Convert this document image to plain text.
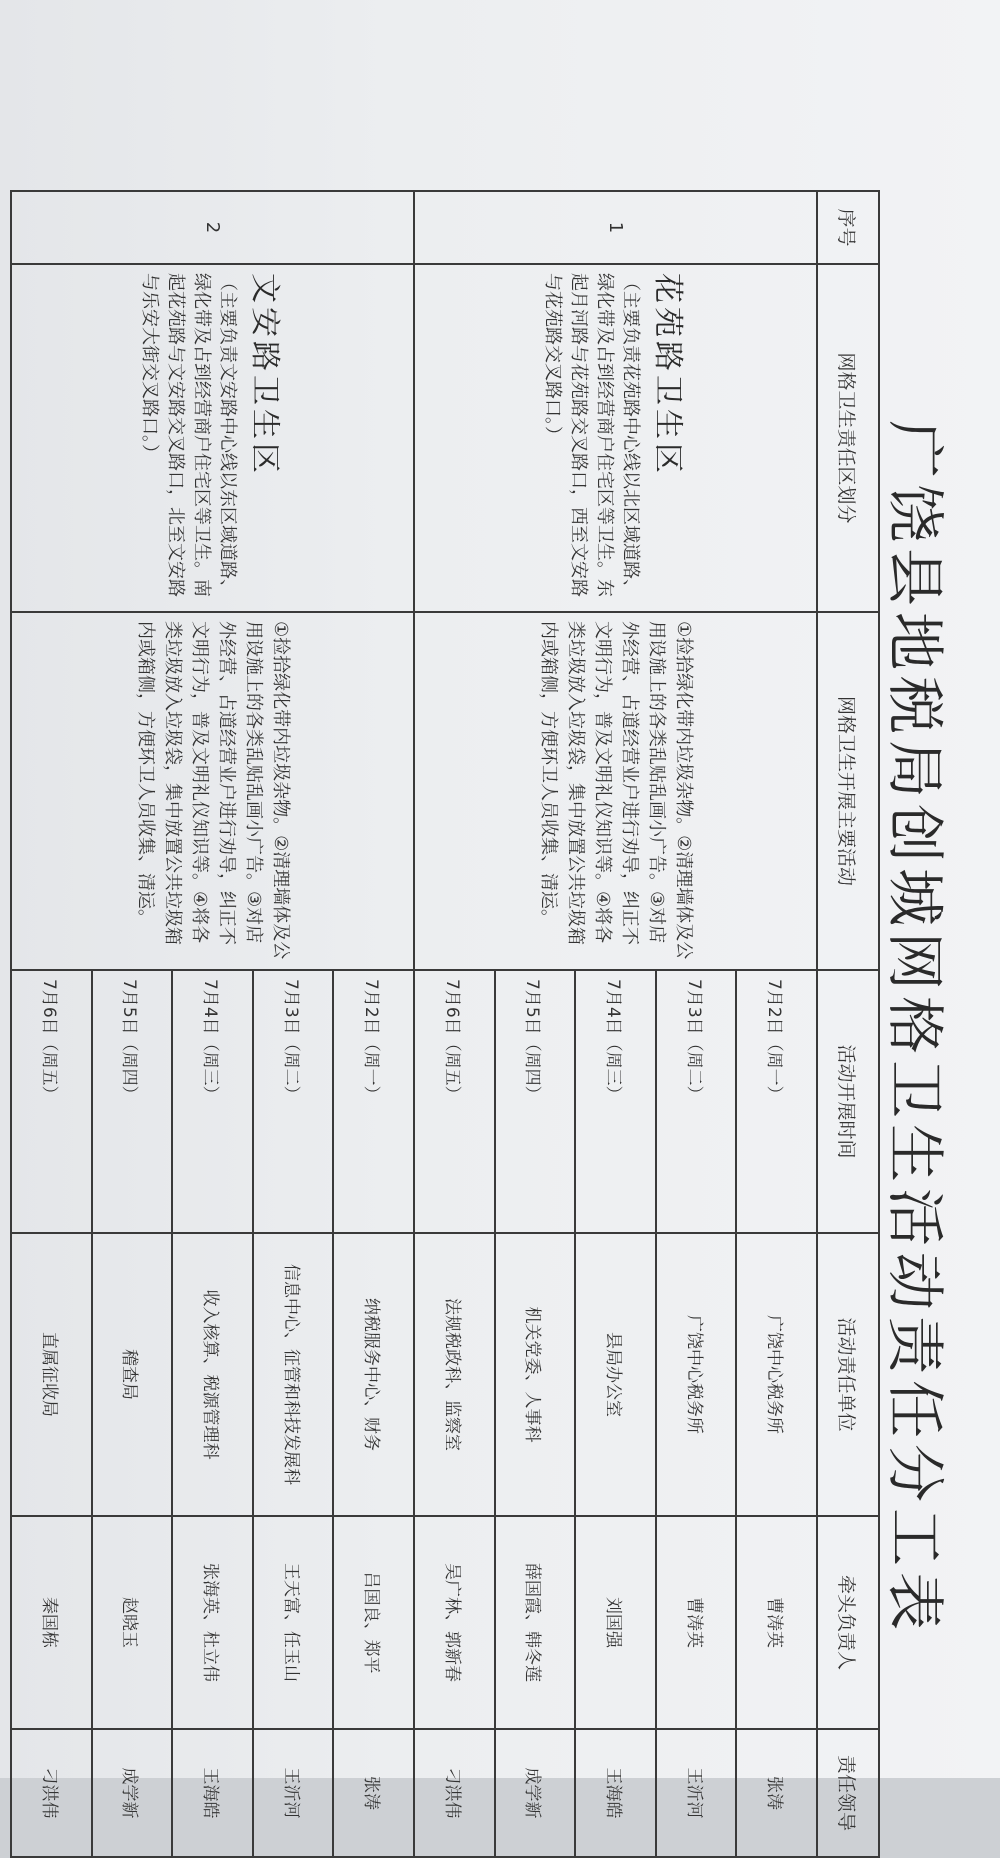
广饶县地税局创城网格卫生活动责任分工表
序号	网格卫生责任区划分	网格卫生开展主要活动	活动开展时间	活动责任单位	牵头负责人	责任领导
1	花苑路卫生区

（主要负责花苑路中心线以北区域道路、绿化带及占到经营商户住宅区等卫生。东起月河路与花苑路交叉路口，西至文安路与花苑路交叉路口。）	①捡拾绿化带内垃圾杂物。②清理墙体及公用设施上的各类乱贴乱画小广告。③对店外经营、占道经营业户进行劝导，纠正不文明行为，普及文明礼仪知识等。④将各类垃圾放入垃圾袋，集中放置公共垃圾箱内或箱侧，方便环卫人员收集、清运。	7月2日（周一）	广饶中心税务所	曹涛英	张涛
			7月3日（周二）	广饶中心税务所	曹涛英	王沂河
			7月4日（周三）	县局办公室	刘国强	王海皓
			7月5日（周四）	机关党委、人事科	薛国霞、韩冬莲	成学新
			7月6日（周五）	法规税政科、监察室	吴广林、郭新春	刁洪伟
2	文安路卫生区

（主要负责文安路中心线以东区域道路、绿化带及占到经营商户住宅区等卫生。南起花苑路与文安路交叉路口，北至文安路与乐安大街交叉路口。）	①捡拾绿化带内垃圾杂物。②清理墙体及公用设施上的各类乱贴乱画小广告。③对店外经营、占道经营业户进行劝导，纠正不文明行为，普及文明礼仪知识等。④将各类垃圾放入垃圾袋，集中放置公共垃圾箱内或箱侧，方便环卫人员收集、清运。	7月2日（周一）	纳税服务中心、财务	吕国良、郑平	张涛
			7月3日（周二）	信息中心、征管和科技发展科	王天富、任玉山	王沂河
			7月4日（周三）	收入核算、税源管理科	张海英、杜立伟	王海皓
			7月5日（周四）	稽查局	赵晓玉	成学新
			7月6日（周五）	直属征收局	秦国栋	刁洪伟
